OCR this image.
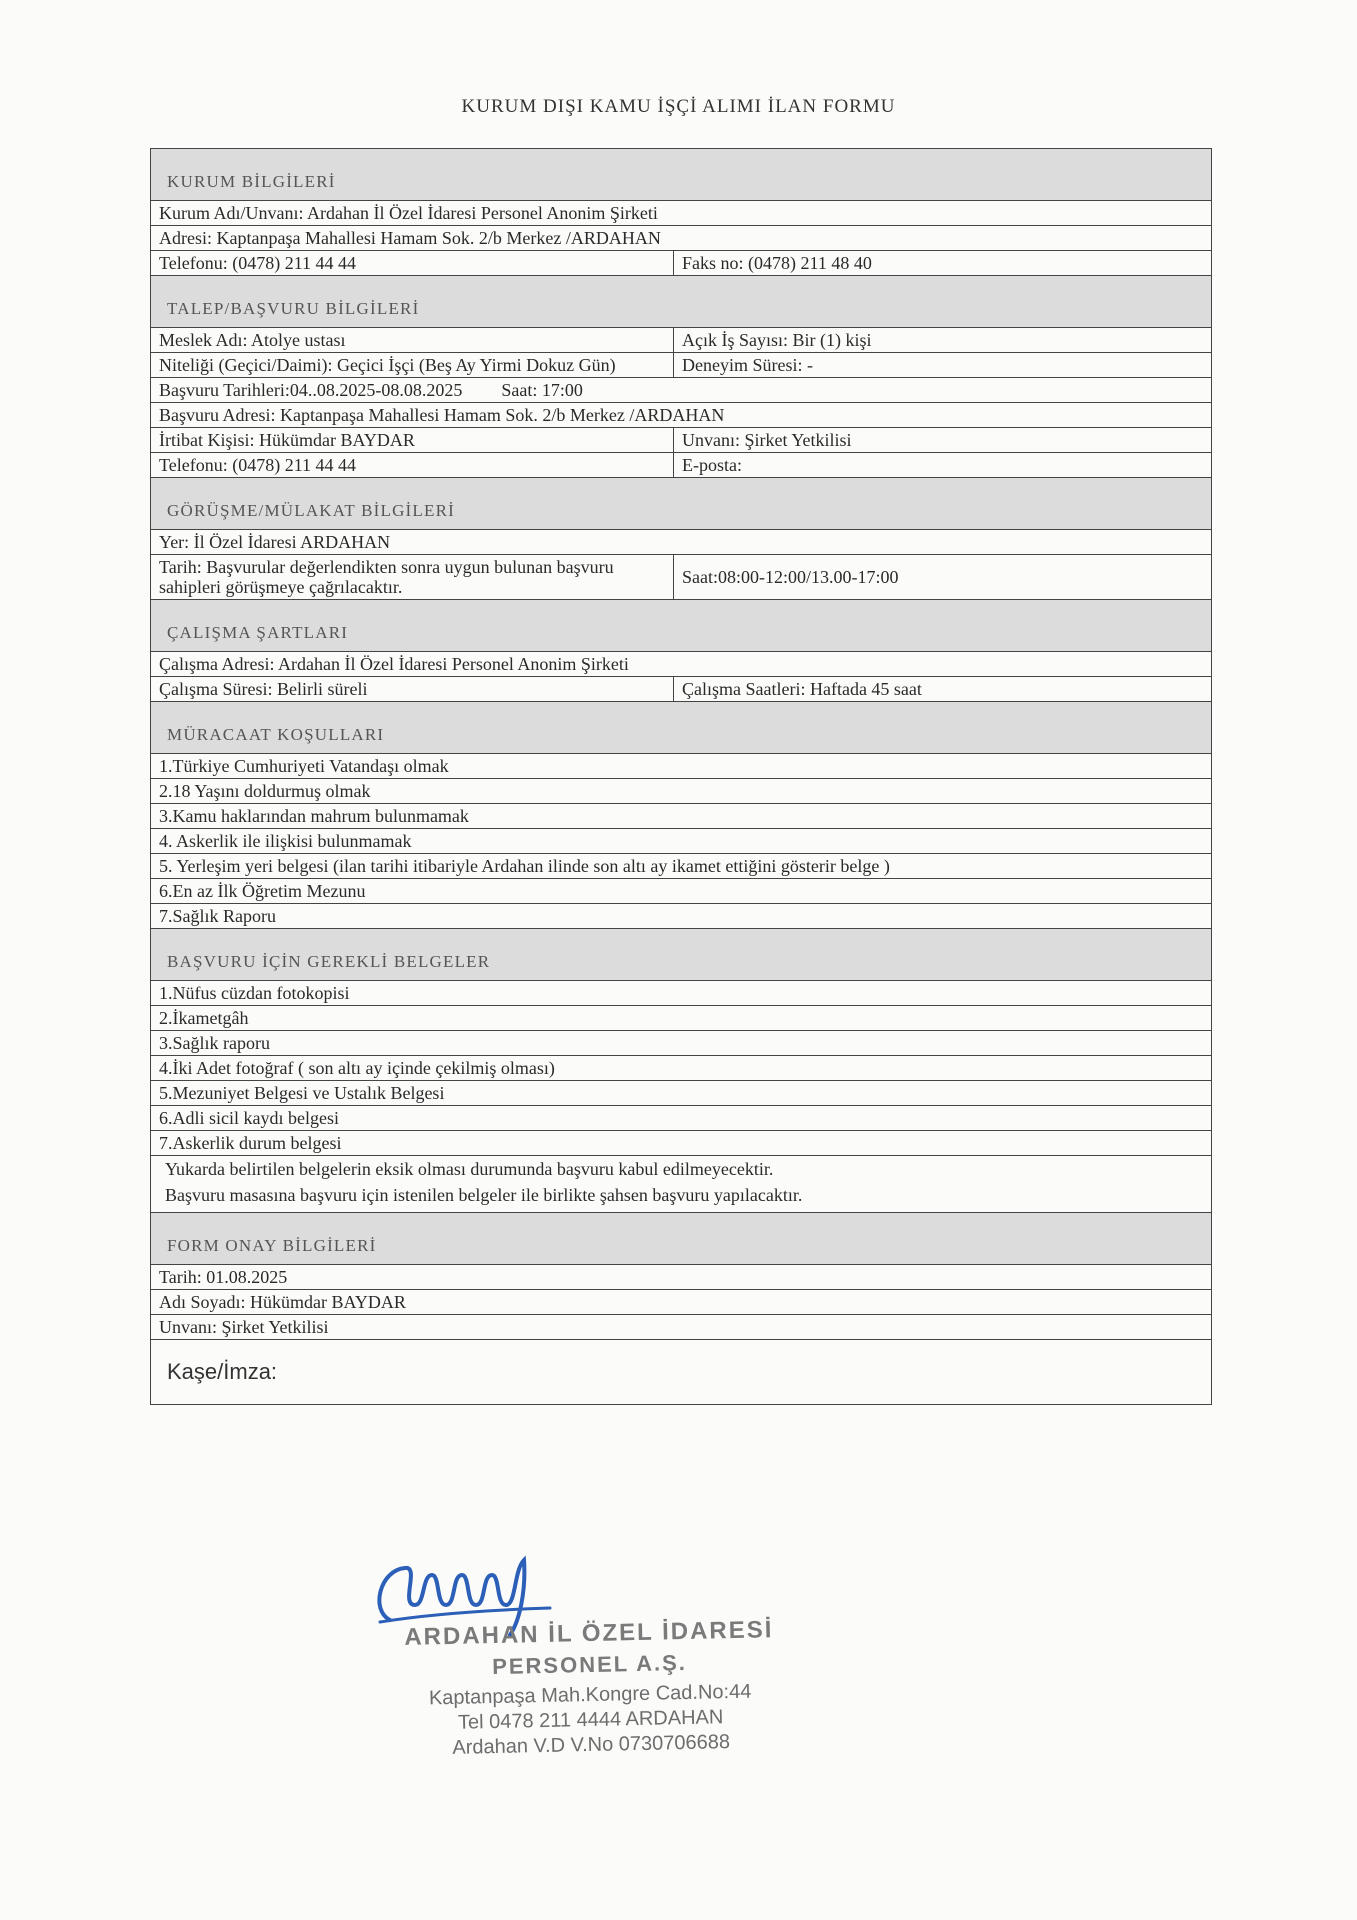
KURUM DIŞI KAMU İŞÇİ ALIMI İLAN FORMU
KURUM BİLGİLERİ
Kurum Adı/Unvanı: Ardahan İl Özel İdaresi Personel Anonim Şirketi
Adresi: Kaptanpaşa Mahallesi Hamam Sok. 2/b Merkez /ARDAHAN
Telefonu: (0478) 211 44 44	Faks no: (0478) 211 48 40
TALEP/BAŞVURU BİLGİLERİ
Meslek Adı: Atolye ustası	Açık İş Sayısı: Bir (1) kişi
Niteliği (Geçici/Daimi): Geçici İşçi (Beş Ay Yirmi Dokuz Gün)	Deneyim Süresi: -
Başvuru Tarihleri:04..08.2025-08.08.2025 Saat: 17:00
Başvuru Adresi: Kaptanpaşa Mahallesi Hamam Sok. 2/b Merkez /ARDAHAN
İrtibat Kişisi: Hükümdar BAYDAR	Unvanı: Şirket Yetkilisi
Telefonu: (0478) 211 44 44	E-posta:
GÖRÜŞME/MÜLAKAT BİLGİLERİ
Yer: İl Özel İdaresi ARDAHAN
Tarih: Başvurular değerlendikten sonra uygun bulunan başvuru sahipleri görüşmeye çağrılacaktır.	Saat:08:00-12:00/13.00-17:00
ÇALIŞMA ŞARTLARI
Çalışma Adresi: Ardahan İl Özel İdaresi Personel Anonim Şirketi
Çalışma Süresi: Belirli süreli	Çalışma Saatleri: Haftada 45 saat
MÜRACAAT KOŞULLARI
1.Türkiye Cumhuriyeti Vatandaşı olmak
2.18 Yaşını doldurmuş olmak
3.Kamu haklarından mahrum bulunmamak
4. Askerlik ile ilişkisi bulunmamak
5. Yerleşim yeri belgesi (ilan tarihi itibariyle Ardahan ilinde son altı ay ikamet ettiğini gösterir belge )
6.En az İlk Öğretim Mezunu
7.Sağlık Raporu
BAŞVURU İÇİN GEREKLİ BELGELER
1.Nüfus cüzdan fotokopisi
2.İkametgâh
3.Sağlık raporu
4.İki Adet fotoğraf ( son altı ay içinde çekilmiş olması)
5.Mezuniyet Belgesi ve Ustalık Belgesi
6.Adli sicil kaydı belgesi
7.Askerlik durum belgesi
Yukarda belirtilen belgelerin eksik olması durumunda başvuru kabul edilmeyecektir.
Başvuru masasına başvuru için istenilen belgeler ile birlikte şahsen başvuru yapılacaktır.
FORM ONAY BİLGİLERİ
Tarih: 01.08.2025
Adı Soyadı: Hükümdar BAYDAR
Unvanı: Şirket Yetkilisi
Kaşe/İmza:
ARDAHAN İL ÖZEL İDARESİ
PERSONEL A.Ş.
Kaptanpaşa Mah.Kongre Cad.No:44
Tel 0478 211 4444 ARDAHAN
Ardahan V.D V.No 0730706688
